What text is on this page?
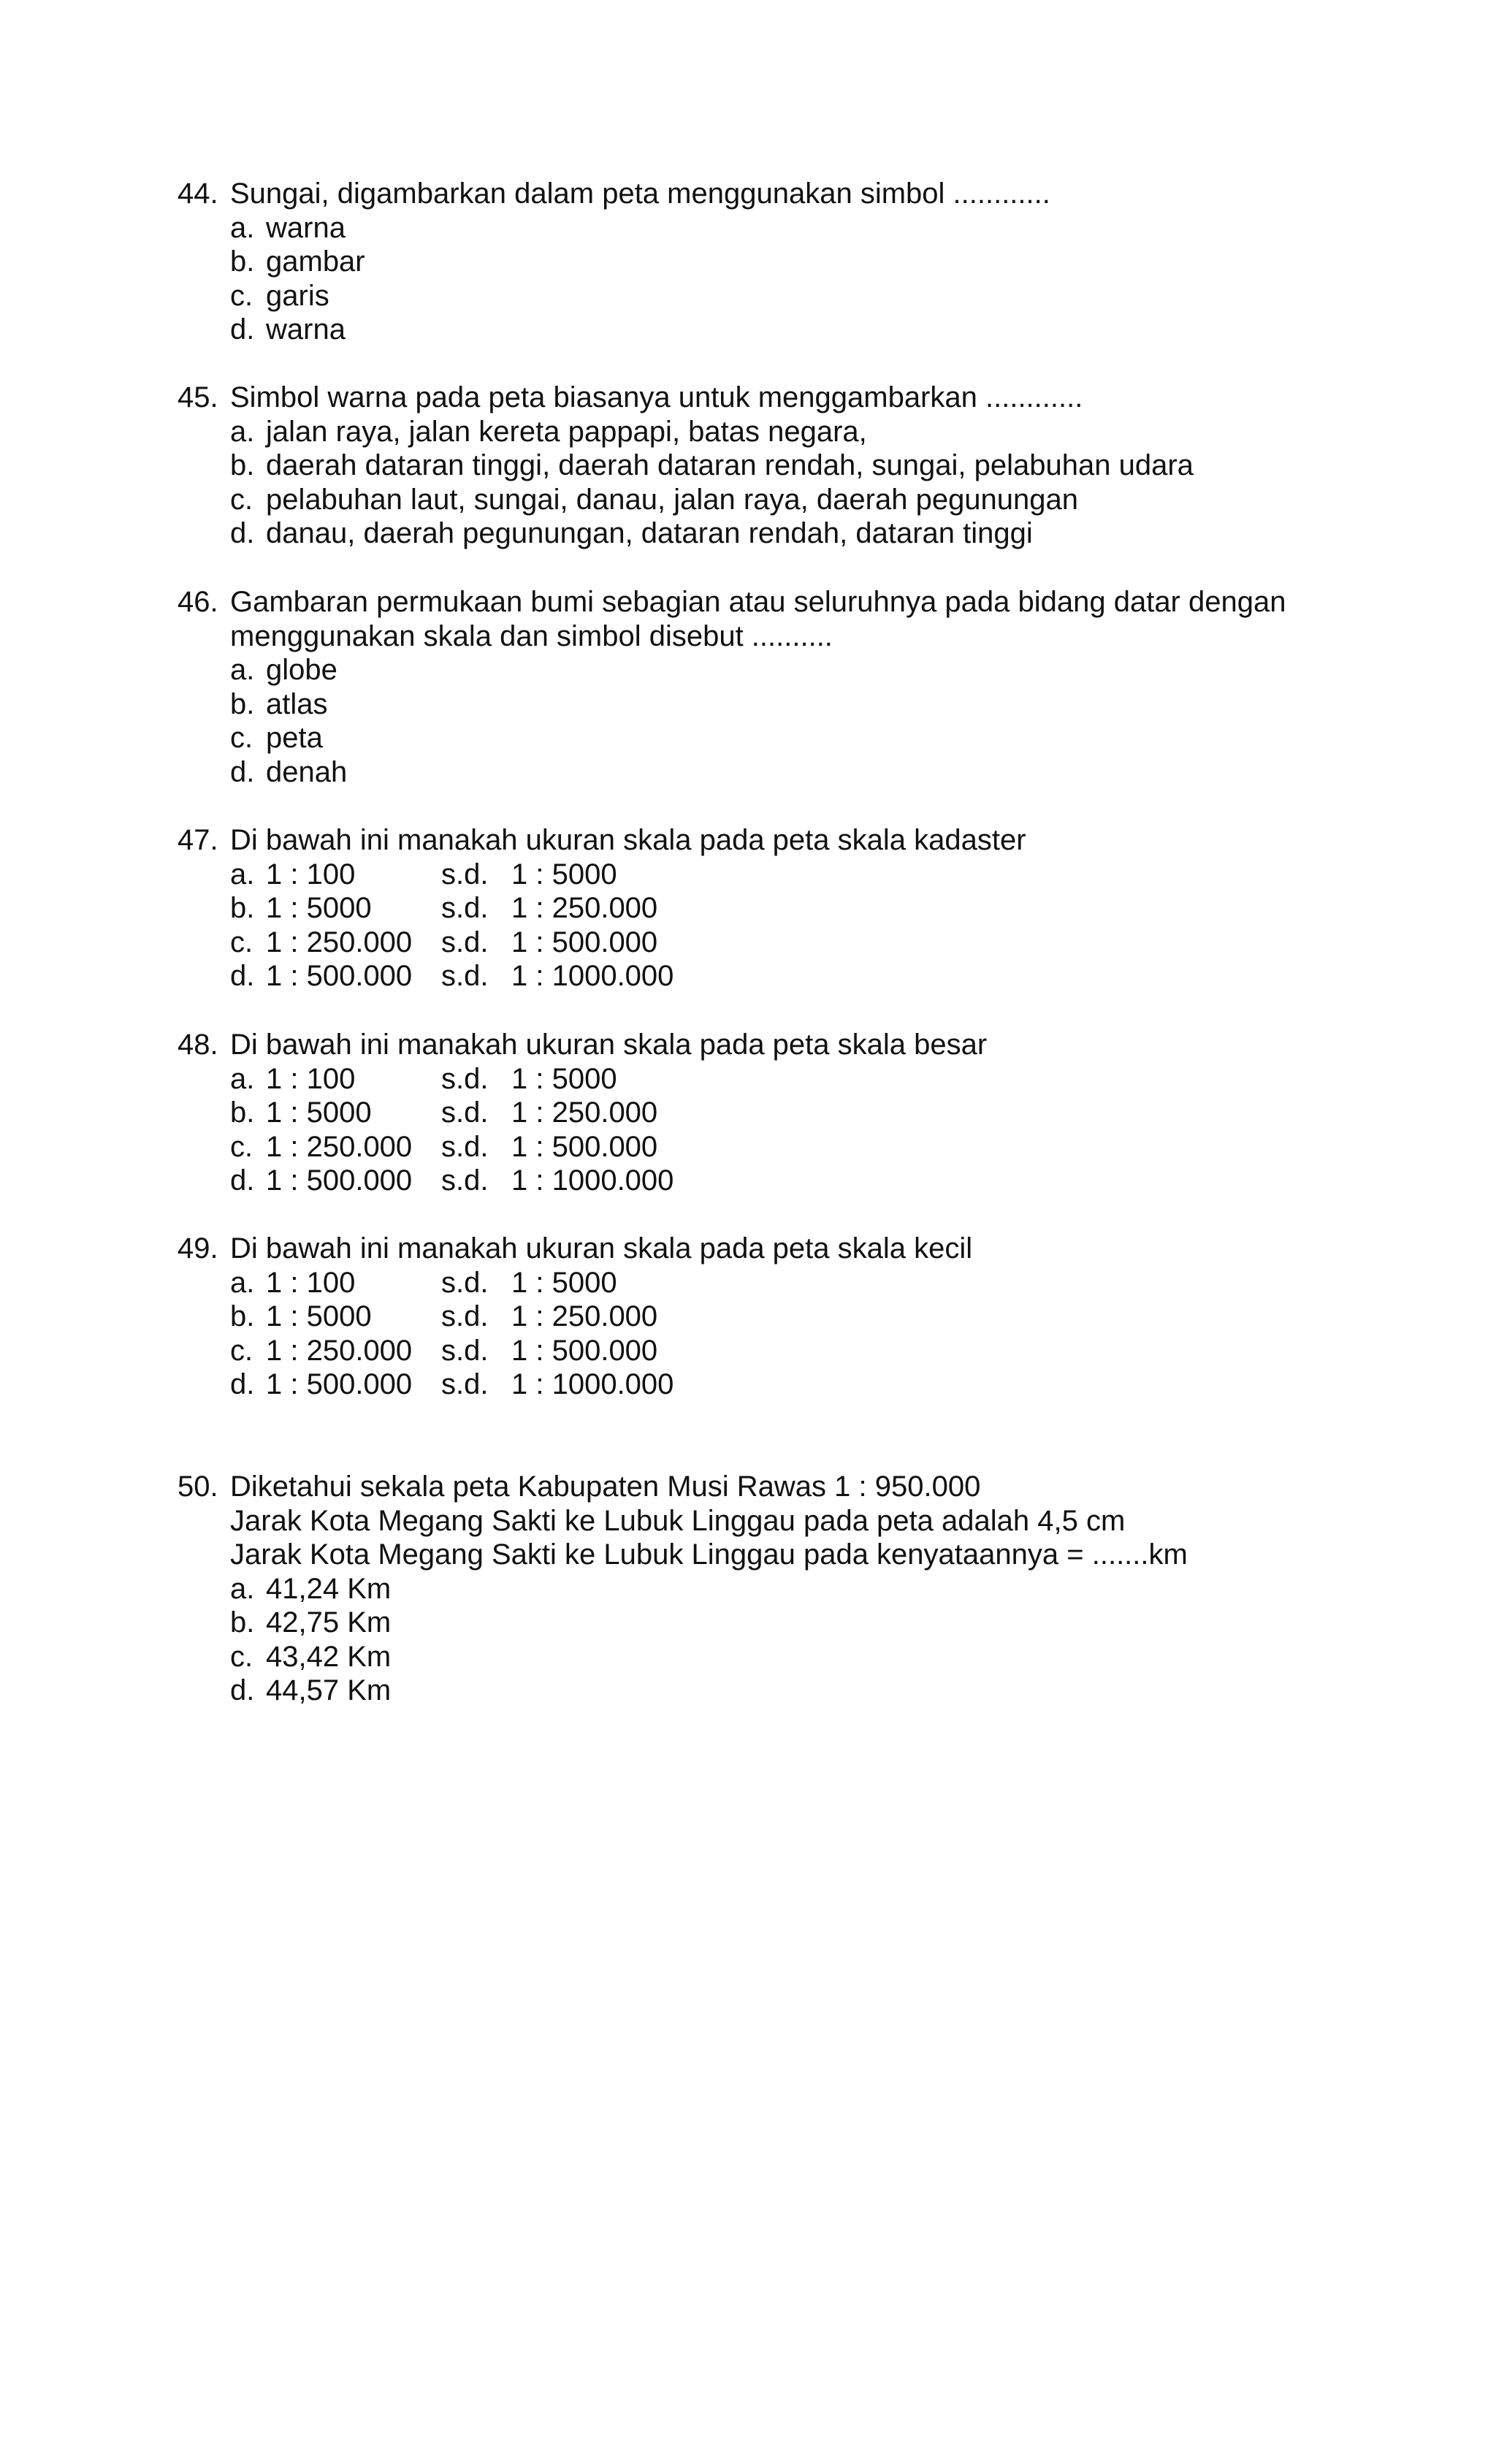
44. Sungai, digambarkan dalam peta menggunakan simbol ............
a. warna
b. gambar
c. garis
d. warna
45. Simbol warna pada peta biasanya untuk menggambarkan ............
a. jalan raya, jalan kereta pappapi, batas negara,
b. daerah dataran tinggi, daerah dataran rendah, sungai, pelabuhan udara
c. pelabuhan laut, sungai, danau, jalan raya, daerah pegunungan
d. danau, daerah pegunungan, dataran rendah, dataran tinggi
46. Gambaran permukaan bumi sebagian atau seluruhnya pada bidang datar dengan
menggunakan skala dan simbol disebut ..........
a. globe
b. atlas
c. peta
d. denah
47. Di bawah ini manakah ukuran skala pada peta skala kadaster
a. 1 : 100	s.d. 1 : 5000
b. 1 : 5000	s.d. 1 : 250.000
c. 1 : 250.000 s.d. 1 : 500.000
d. 1 : 500.000 s.d. 1 : 1000.000
48. Di bawah ini manakah ukuran skala pada peta skala besar
a. 1 : 100	s.d. 1 : 5000
b. 1 : 5000	s.d. 1 : 250.000
c. 1 : 250.000 s.d. 1 : 500.000
d. 1 : 500.000 s.d. 1 : 1000.000
49. Di bawah ini manakah ukuran skala pada peta skala kecil
a. 1 : 100	s.d. 1 : 5000
b. 1 : 5000	s.d. 1 : 250.000
c. 1 : 250.000 s.d. 1 : 500.000
d. 1 : 500.000 s.d. 1 : 1000.000
50. Diketahui sekala peta Kabupaten Musi Rawas 1 : 950.000
Jarak Kota Megang Sakti ke Lubuk Linggau pada peta adalah 4,5 cm
Jarak Kota Megang Sakti ke Lubuk Linggau pada kenyataannya = .......km
a. 41,24 Km
b. 42,75 Km
c. 43,42 Km
d. 44,57 Km
